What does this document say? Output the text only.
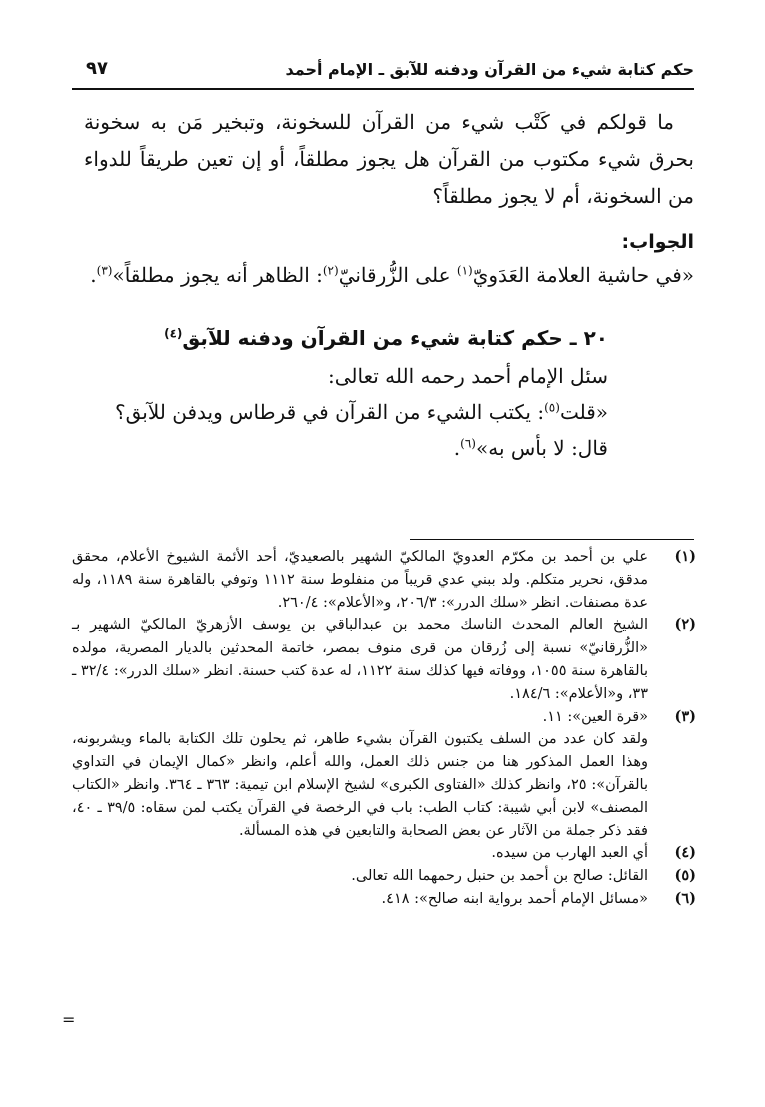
حكم كتابة شيء من القرآن ودفنه للآبق ـ الإمام أحمد
٩٧

ما قولكم في كَتْب شيء من القرآن للسخونة، وتبخير مَن به سخونة بحرق شيء مكتوب من القرآن هل يجوز مطلقاً، أو إن تعين طريقاً للدواء من السخونة، أم لا يجوز مطلقاً؟

الجواب:

«في حاشية العلامة العَدَويّ$^{(١)}$ على الزُّرقانيّ$^{(٢)}$: الظاهر أنه يجوز مطلقاً»$^{(٣)}$.

٢٠ ـ حكم كتابة شيء من القرآن ودفنه للآبق$^{(٤)}$

سئل الإمام أحمد رحمه الله تعالى:

«قلت$^{(٥)}$: يكتب الشيء من القرآن في قرطاس ويدفن للآبق؟

قال: لا بأس به»$^{(٦)}$.

(١)
علي بن أحمد بن مكرّم العدويّ المالكيّ الشهير بالصعيديّ، أحد الأئمة الشيوخ الأعلام، محقق مدقق، نحرير متكلم. ولد ببني عدي قريباً من منفلوط سنة ١١١٢ وتوفي بالقاهرة سنة ١١٨٩، وله عدة مصنفات. انظر «سلك الدرر»: ٢٠٦/٣، و«الأعلام»: ٢٦٠/٤.
(٢)
الشيخ العالم المحدث الناسك محمد بن عبدالباقي بن يوسف الأزهريّ المالكيّ الشهير بـ «الزُّرقانيّ» نسبة إلى زُرقان من قرى منوف بمصر، خاتمة المحدثين بالديار المصرية، مولده بالقاهرة سنة ١٠٥٥، ووفاته فيها كذلك سنة ١١٢٢، له عدة كتب حسنة. انظر «سلك الدرر»: ٣٢/٤ ـ ٣٣، و«الأعلام»: ١٨٤/٦.
(٣)
«قرة العين»: ١١.
ولقد كان عدد من السلف يكتبون القرآن بشيء طاهر، ثم يحلون تلك الكتابة بالماء ويشربونه، وهذا العمل المذكور هنا من جنس ذلك العمل، والله أعلم، وانظر «كمال الإيمان في التداوي بالقرآن»: ٢٥، وانظر كذلك «الفتاوى الكبرى» لشيخ الإسلام ابن تيمية: ٣٦٣ ـ ٣٦٤. وانظر «الكتاب المصنف» لابن أبي شيبة: كتاب الطب: باب في الرخصة في القرآن يكتب لمن سقاه: ٣٩/٥ ـ ٤٠، فقد ذكر جملة من الآثار عن بعض الصحابة والتابعين في هذه المسألة.
(٤)
أي العبد الهارب من سيده.
(٥)
القائل: صالح بن أحمد بن حنبل رحمهما الله تعالى.
(٦)
«مسائل الإمام أحمد برواية ابنه صالح»: ٤١٨.
=
